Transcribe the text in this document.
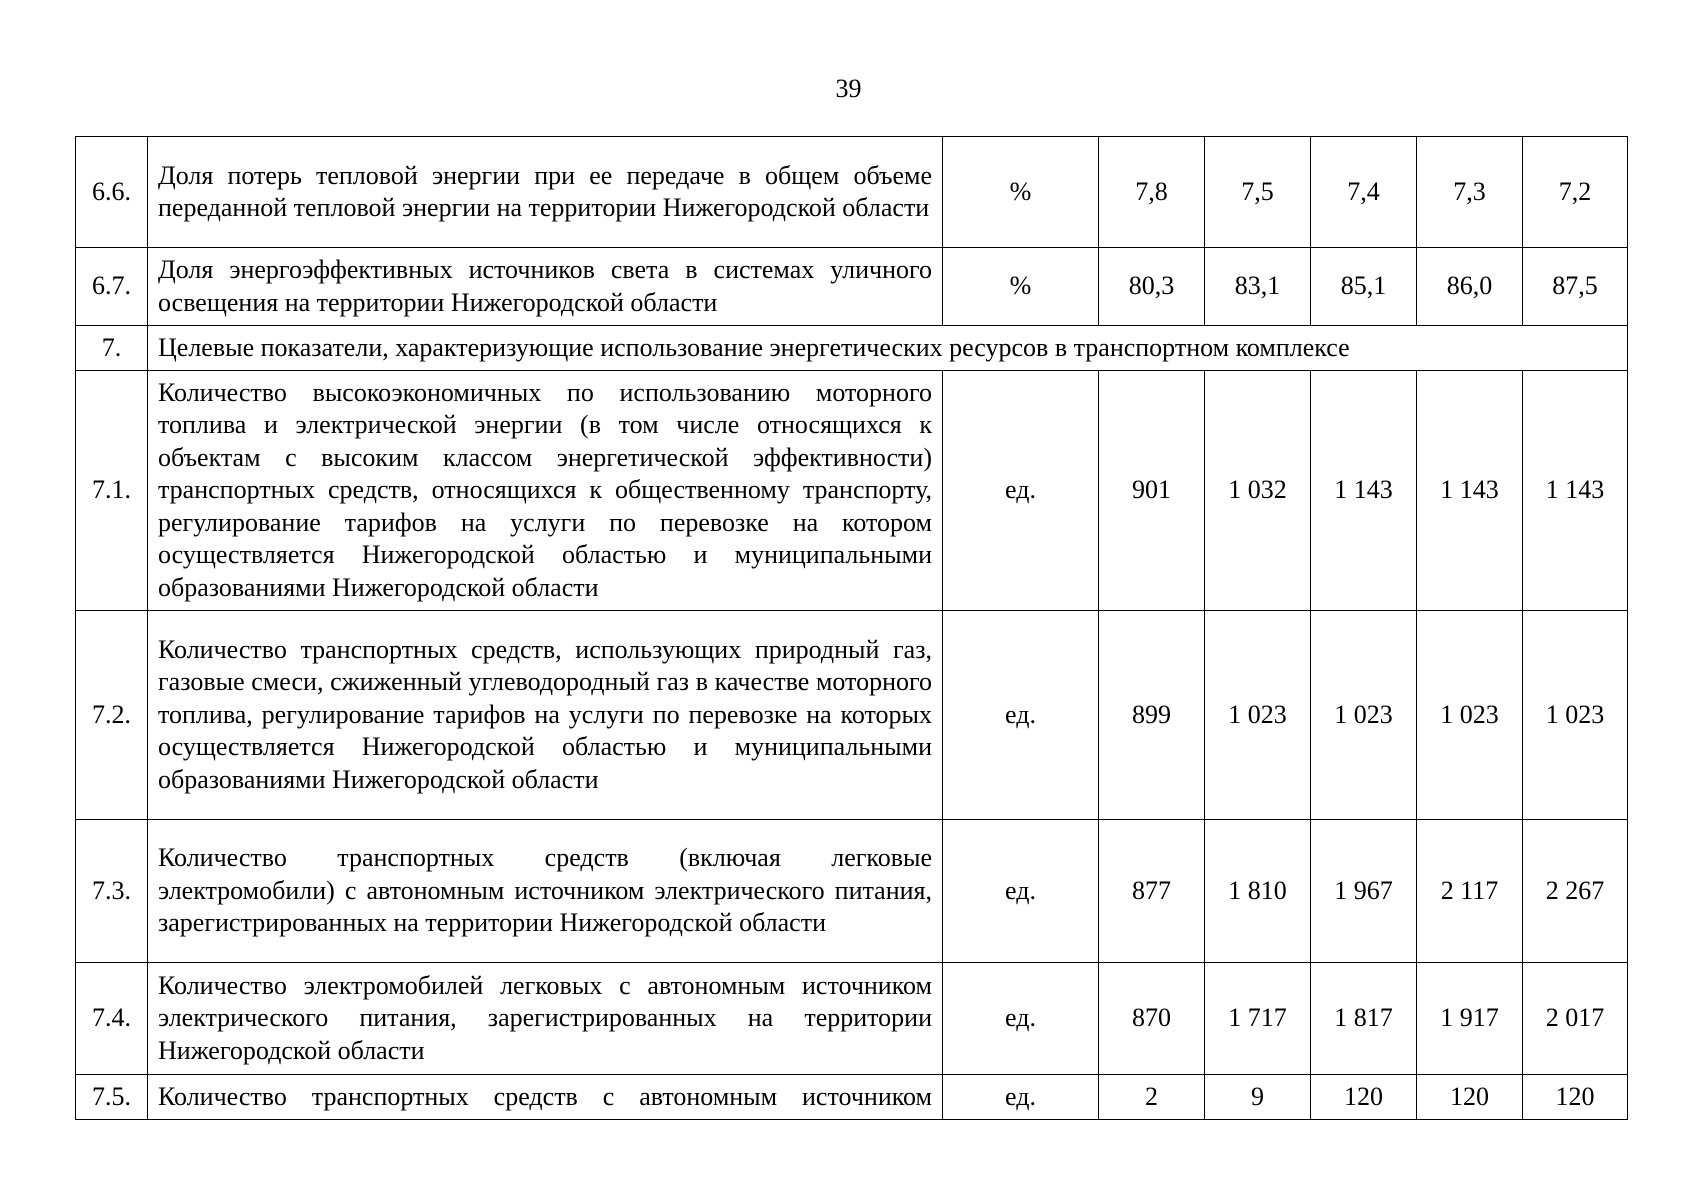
39
6.6.	Доля потерь тепловой энергии при ее передаче в общем объеме переданной тепловой энергии на территории Нижегородской области	%	7,8	7,5	7,4	7,3	7,2
6.7.	Доля энергоэффективных источников света в системах уличного освещения на территории Нижегородской области	%	80,3	83,1	85,1	86,0	87,5
7.	Целевые показатели, характеризующие использование энергетических ресурсов в транспортном комплексе						
7.1.	Количество высокоэкономичных по использованию моторного топлива и электрической энергии (в том числе относящихся к объектам с высоким классом энергетической эффективности) транспортных средств, относящихся к общественному транспорту, регулирование тарифов на услуги по перевозке на котором осуществляется Нижегородской областью и муниципальными образованиями Нижегородской области	ед.	901	1 032	1 143	1 143	1 143
7.2.	Количество транспортных средств, использующих природный газ, газовые смеси, сжиженный углеводородный газ в качестве моторного топлива, регулирование тарифов на услуги по перевозке на которых осуществляется Нижегородской областью и муниципальными образованиями Нижегородской области	ед.	899	1 023	1 023	1 023	1 023
7.3.	Количество транспортных средств (включая легковые электромобили) с автономным источником электрического питания, зарегистрированных на территории Нижегородской области	ед.	877	1 810	1 967	2 117	2 267
7.4.	Количество электромобилей легковых с автономным источником электрического питания, зарегистрированных на территории Нижегородской области	ед.	870	1 717	1 817	1 917	2 017
7.5.	Количество транспортных средств с автономным источником	ед.	2	9	120	120	120
